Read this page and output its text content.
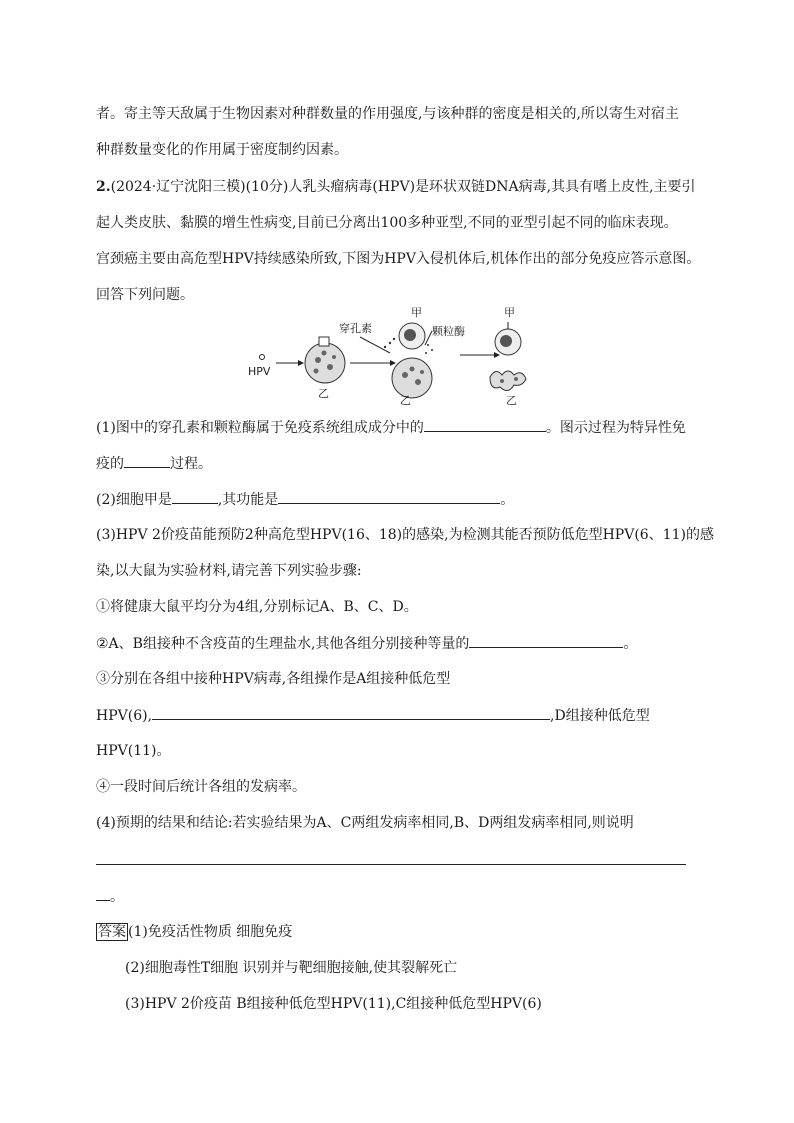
者。寄主等天敌属于生物因素对种群数量的作用强度,与该种群的密度是相关的,所以寄生对宿主
种群数量变化的作用属于密度制约因素。
2.(2024·辽宁沈阳三模)(10分)人乳头瘤病毒(HPV)是环状双链DNA病毒,其具有嗜上皮性,主要引
起人类皮肤、黏膜的增生性病变,目前已分离出100多种亚型,不同的亚型引起不同的临床表现。
宫颈癌主要由高危型HPV持续感染所致,下图为HPV入侵机体后,机体作出的部分免疫应答示意图。
回答下列问题。
HPV
乙
穿孔素	颗粒酶
甲
乙
甲
乙
(1)图中的穿孔素和颗粒酶属于免疫系统组成成分中的	。图示过程为特异性免
疫的	过程。
(2)细胞甲是	,其功能是	。
(3)HPV 2价疫苗能预防2种高危型HPV(16、18)的感染,为检测其能否预防低危型HPV(6、11)的感
染,以大鼠为实验材料,请完善下列实验步骤:
①将健康大鼠平均分为4组,分别标记A、B、C、D。
②A、B组接种不含疫苗的生理盐水,其他各组分别接种等量的	。
③分别在各组中接种HPV病毒,各组操作是A组接种低危型
HPV(6),	,D组接种低危型
HPV(11)。
④一段时间后统计各组的发病率。
(4)预期的结果和结论:若实验结果为A、C两组发病率相同,B、D两组发病率相同,则说明
。
答案 (1)免疫活性物质 细胞免疫
(2)细胞毒性T细胞 识别并与靶细胞接触,使其裂解死亡
(3)HPV 2价疫苗 B组接种低危型HPV(11),C组接种低危型HPV(6)
